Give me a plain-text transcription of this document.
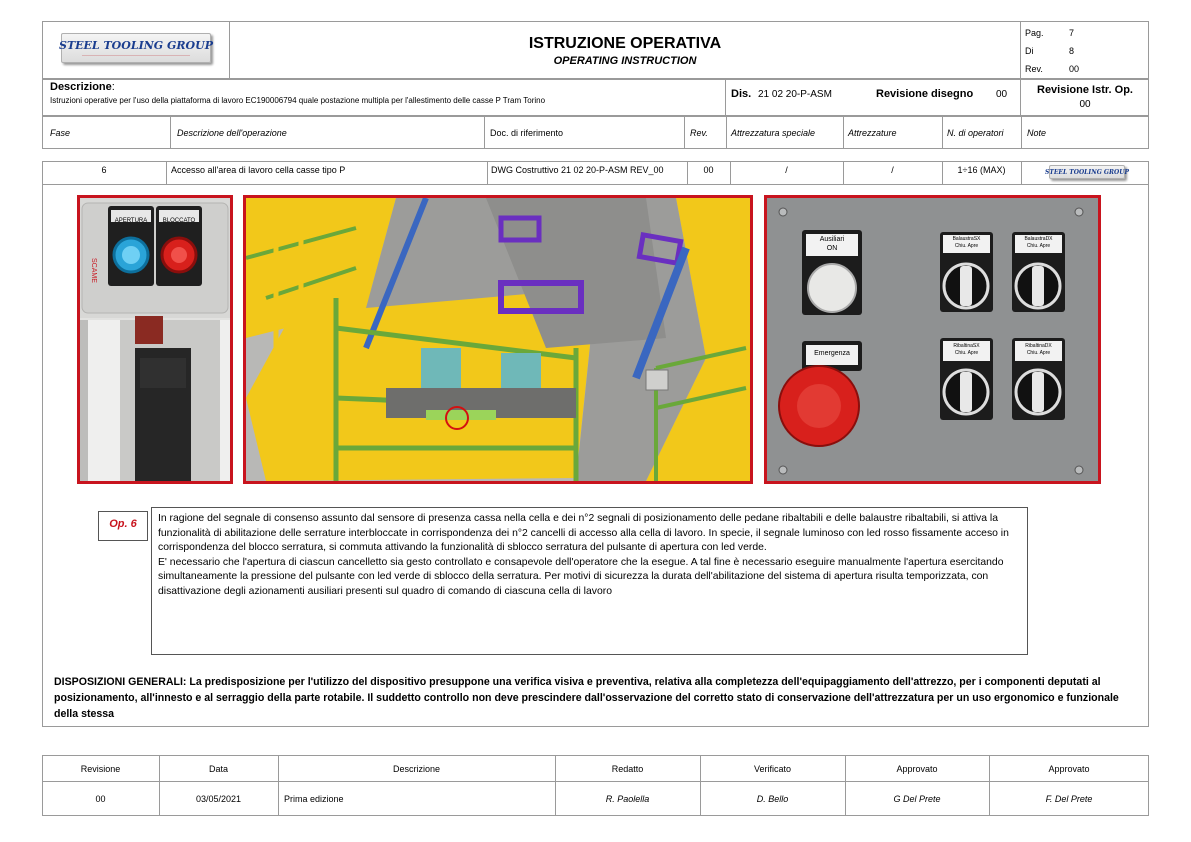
STEEL TOOLING GROUP
———————————————————————————
ISTRUZIONE OPERATIVA
OPERATING INSTRUCTION
Pag.	7
Di	8
Rev.	00
Descrizione:
Istruzioni operative per l'uso della piattaforma di lavoro EC190006794 quale postazione multipla per l'allestimento delle casse P Tram Torino
Dis. 21 02 20-P-ASM	Revisione disegno 00	Revisione Istr. Op.
00
Fase	Descrizione dell'operazione	Doc. di riferimento	Rev.	Attrezzatura speciale	Attrezzature	N. di operatori	Note
6	Accesso all'area di lavoro cella casse tipo P	DWG Costruttivo 21 02 20-P-ASM REV_00	00	/	/	1÷16 (MAX)	STEEL TOOLING GROUP
SCAME
APERTURA	BLOCCATO
Ausiliari
ON
Emergenza
BalaustraSX
Chiu. Apre
BalaustraDX
Chiu. Apre
RibaltinaSX
Chiu. Apre
RibaltinaDX
Chiu. Apre
Op. 6	In ragione del segnale di consenso assunto dal sensore di presenza cassa nella cella e dei n°2 segnali di posizionamento delle pedane ribaltabili e delle balaustre ribaltabili, si attiva la funzionalità di abilitazione delle serrature interbloccate in corrispondenza dei n°2 cancelli di accesso alla cella di lavoro. In specie, il segnale luminoso con led rosso fissamente acceso in corrispondenza del blocco serratura, si commuta attivando la funzionalità di sblocco serratura del pulsante di apertura con led verde.
E' necessario che l'apertura di ciascun cancelletto sia gesto controllato e consapevole dell'operatore che la esegue. A tal fine è necessario eseguire manualmente l'apertura esercitando simultaneamente la pressione del pulsante con led verde di sblocco della serratura. Per motivi di sicurezza la durata dell'abilitazione del sistema di apertura risulta temporizzata, con disattivazione degli azionamenti ausiliari presenti sul quadro di comando di ciascuna cella di lavoro
DISPOSIZIONI GENERALI: La predisposizione per l'utilizzo del dispositivo presuppone una verifica visiva e preventiva, relativa alla completezza dell'equipaggiamento dell'attrezzo, per i componenti deputati al posizionamento, all'innesto e al serraggio della parte rotabile. Il suddetto controllo non deve prescindere dall'osservazione del corretto stato di conservazione dell'attrezzatura per un uso ergonomico e funzionale della stessa
Revisione	Data	Descrizione	Redatto	Verificato	Approvato	Approvato
00	03/05/2021	Prima edizione	R. Paolella	D. Bello	G Del Prete	F. Del Prete
